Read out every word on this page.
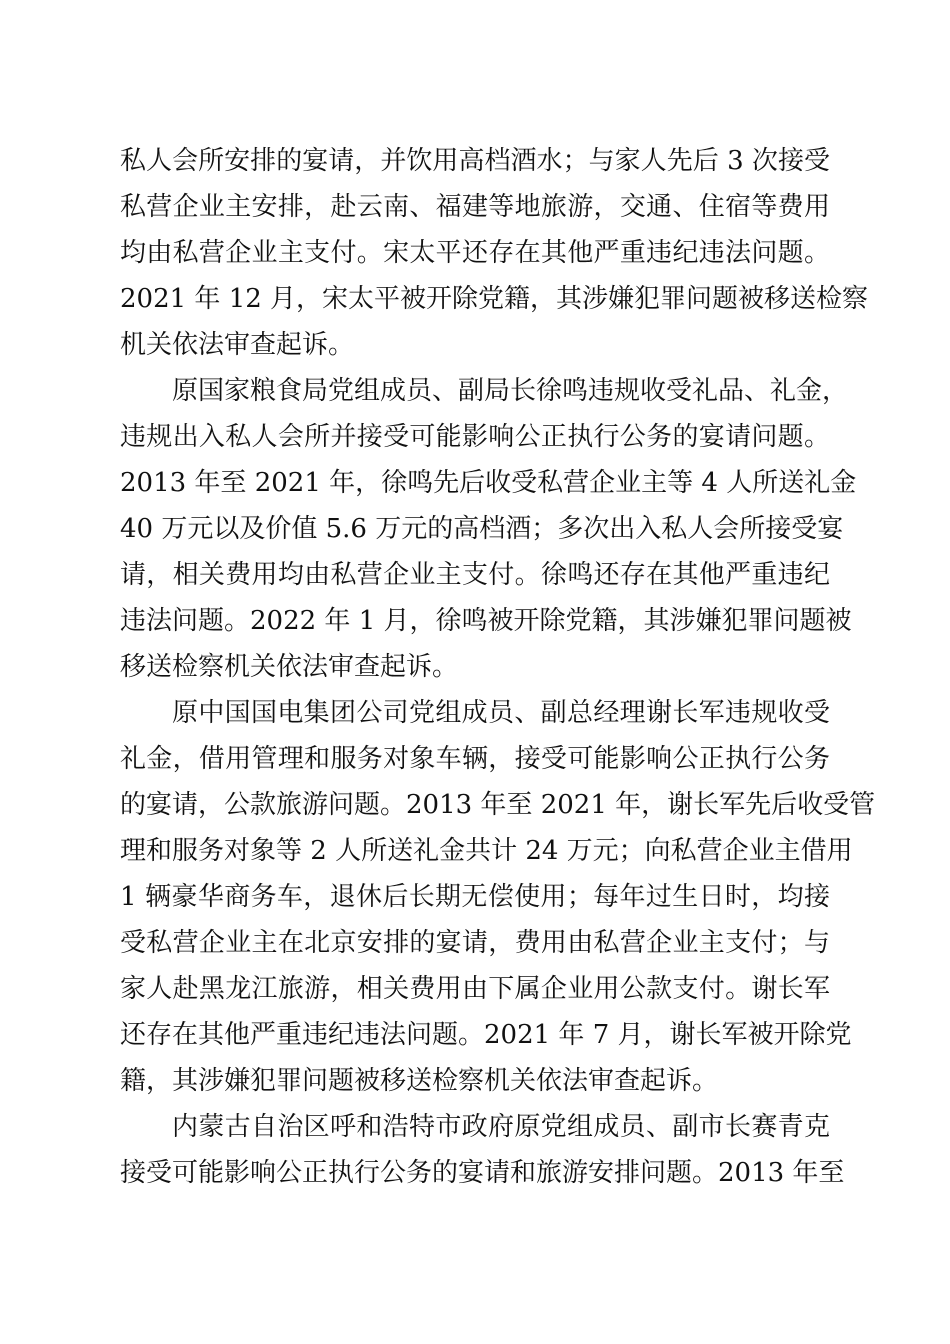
私人会所安排的宴请，并饮用高档酒水；与家人先后 3 次接受
私营企业主安排，赴云南、福建等地旅游，交通、住宿等费用
均由私营企业主支付。宋太平还存在其他严重违纪违法问题。
2021 年 12 月，宋太平被开除党籍，其涉嫌犯罪问题被移送检察
机关依法审查起诉。
原国家粮食局党组成员、副局长徐鸣违规收受礼品、礼金，
违规出入私人会所并接受可能影响公正执行公务的宴请问题。
2013 年至 2021 年，徐鸣先后收受私营企业主等 4 人所送礼金
40 万元以及价值 5.6 万元的高档酒；多次出入私人会所接受宴
请，相关费用均由私营企业主支付。徐鸣还存在其他严重违纪
违法问题。2022 年 1 月，徐鸣被开除党籍，其涉嫌犯罪问题被
移送检察机关依法审查起诉。
原中国国电集团公司党组成员、副总经理谢长军违规收受
礼金，借用管理和服务对象车辆，接受可能影响公正执行公务
的宴请，公款旅游问题。2013 年至 2021 年，谢长军先后收受管
理和服务对象等 2 人所送礼金共计 24 万元；向私营企业主借用
1 辆豪华商务车，退休后长期无偿使用；每年过生日时，均接
受私营企业主在北京安排的宴请，费用由私营企业主支付；与
家人赴黑龙江旅游，相关费用由下属企业用公款支付。谢长军
还存在其他严重违纪违法问题。2021 年 7 月，谢长军被开除党
籍，其涉嫌犯罪问题被移送检察机关依法审查起诉。
内蒙古自治区呼和浩特市政府原党组成员、副市长赛青克
接受可能影响公正执行公务的宴请和旅游安排问题。2013 年至
